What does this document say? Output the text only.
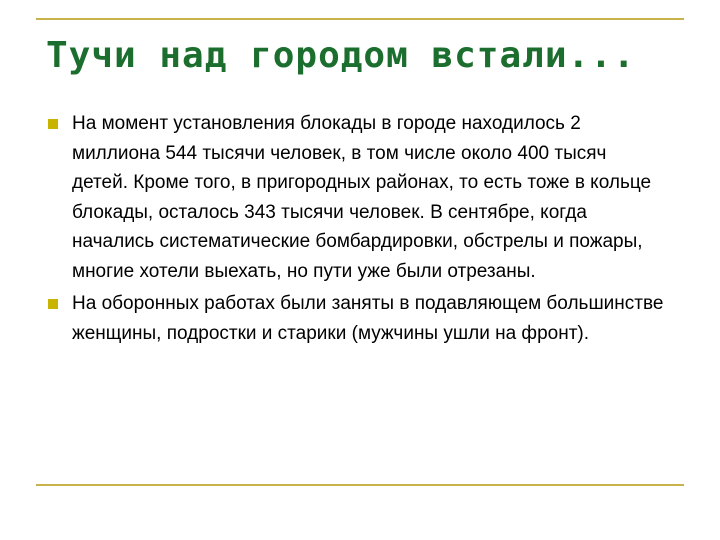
Тучи над городом встали...
На момент установления блокады в городе находилось 2 миллиона 544 тысячи человек, в том числе около 400 тысяч детей. Кроме того, в пригородных районах, то есть тоже в кольце блокады, осталось 343 тысячи человек. В сентябре, когда начались систематические бомбардировки, обстрелы и пожары, многие хотели выехать, но пути уже были отрезаны.
На оборонных работах были заняты в подавляющем большинстве женщины, подростки и старики (мужчины ушли на фронт).
